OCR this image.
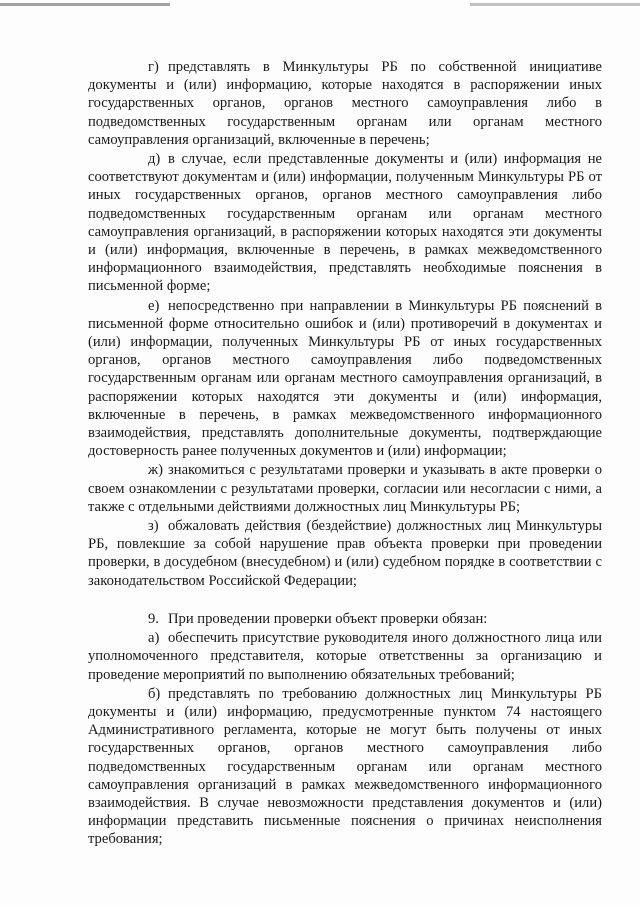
г) представлять в Минкультуры РБ по собственной инициативе документы и (или) информацию, которые находятся в распоряжении иных государственных органов, органов местного самоуправления либо в подведомственных государственным органам или органам местного самоуправления организаций, включенные в перечень;

д) в случае, если представленные документы и (или) информация не соответствуют документам и (или) информации, полученным Минкультуры РБ от иных государственных органов, органов местного самоуправления либо подведомственных государственным органам или органам местного самоуправления организаций, в распоряжении которых находятся эти документы и (или) информация, включенные в перечень, в рамках межведомственного информационного взаимодействия, представлять необходимые пояснения в письменной форме;

е) непосредственно при направлении в Минкультуры РБ пояснений в письменной форме относительно ошибок и (или) противоречий в документах и (или) информации, полученных Минкультуры РБ от иных государственных органов, органов местного самоуправления либо подведомственных государственным органам или органам местного самоуправления организаций, в распоряжении которых находятся эти документы и (или) информация, включенные в перечень, в рамках межведомственного информационного взаимодействия, представлять дополнительные документы, подтверждающие достоверность ранее полученных документов и (или) информации;

ж) знакомиться с результатами проверки и указывать в акте проверки о своем ознакомлении с результатами проверки, согласии или несогласии с ними, а также с отдельными действиями должностных лиц Минкультуры РБ;

з) обжаловать действия (бездействие) должностных лиц Минкультуры РБ, повлекшие за собой нарушение прав объекта проверки при проведении проверки, в досудебном (внесудебном) и (или) судебном порядке в соответствии с законодательством Российской Федерации;

9. При проведении проверки объект проверки обязан:

а) обеспечить присутствие руководителя иного должностного лица или уполномоченного представителя, которые ответственны за организацию и проведение мероприятий по выполнению обязательных требований;

б) представлять по требованию должностных лиц Минкультуры РБ документы и (или) информацию, предусмотренные пунктом 74 настоящего Административного регламента, которые не могут быть получены от иных государственных органов, органов местного самоуправления либо подведомственных государственным органам или органам местного самоуправления организаций в рамках межведомственного информационного взаимодействия. В случае невозможности представления документов и (или) информации представить письменные пояснения о причинах неисполнения требования;
